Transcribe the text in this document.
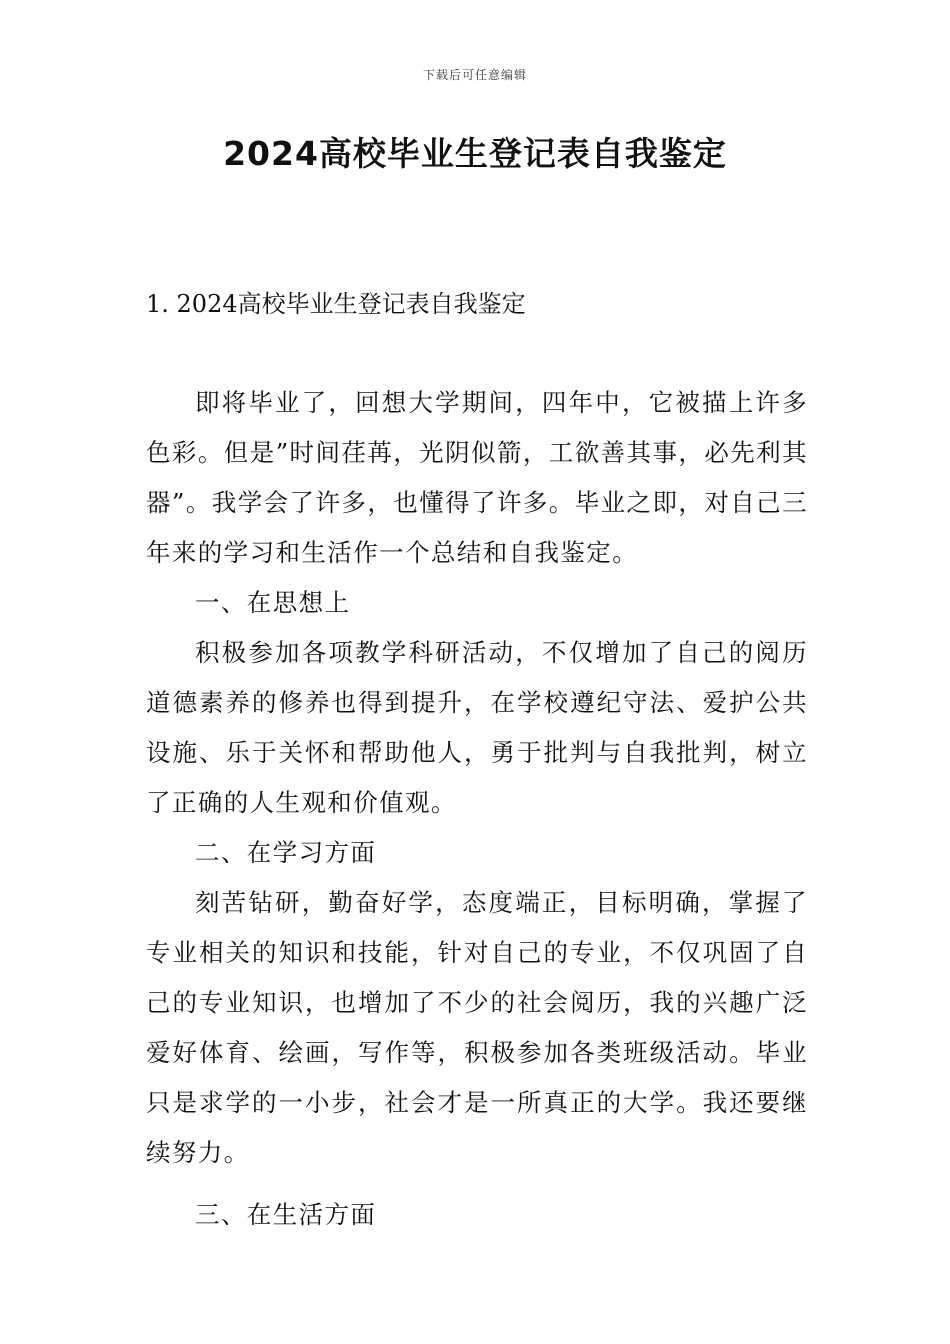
下载后可任意编辑
2024高校毕业生登记表自我鉴定
1. 2024高校毕业生登记表自我鉴定

即将毕业了，回想大学期间，四年中，它被描上许多色彩。但是”时间荏苒，光阴似箭，工欲善其事，必先利其器”。我学会了许多，也懂得了许多。毕业之即，对自己三年来的学习和生活作一个总结和自我鉴定。

一、在思想上

积极参加各项教学科研活动，不仅增加了自己的阅历道德素养的修养也得到提升，在学校遵纪守法、爱护公共设施、乐于关怀和帮助他人，勇于批判与自我批判，树立了正确的人生观和价值观。

二、在学习方面

刻苦钻研，勤奋好学，态度端正，目标明确，掌握了专业相关的知识和技能，针对自己的专业，不仅巩固了自己的专业知识，也增加了不少的社会阅历，我的兴趣广泛爱好体育、绘画，写作等，积极参加各类班级活动。毕业只是求学的一小步，社会才是一所真正的大学。我还要继续努力。

三、在生活方面
